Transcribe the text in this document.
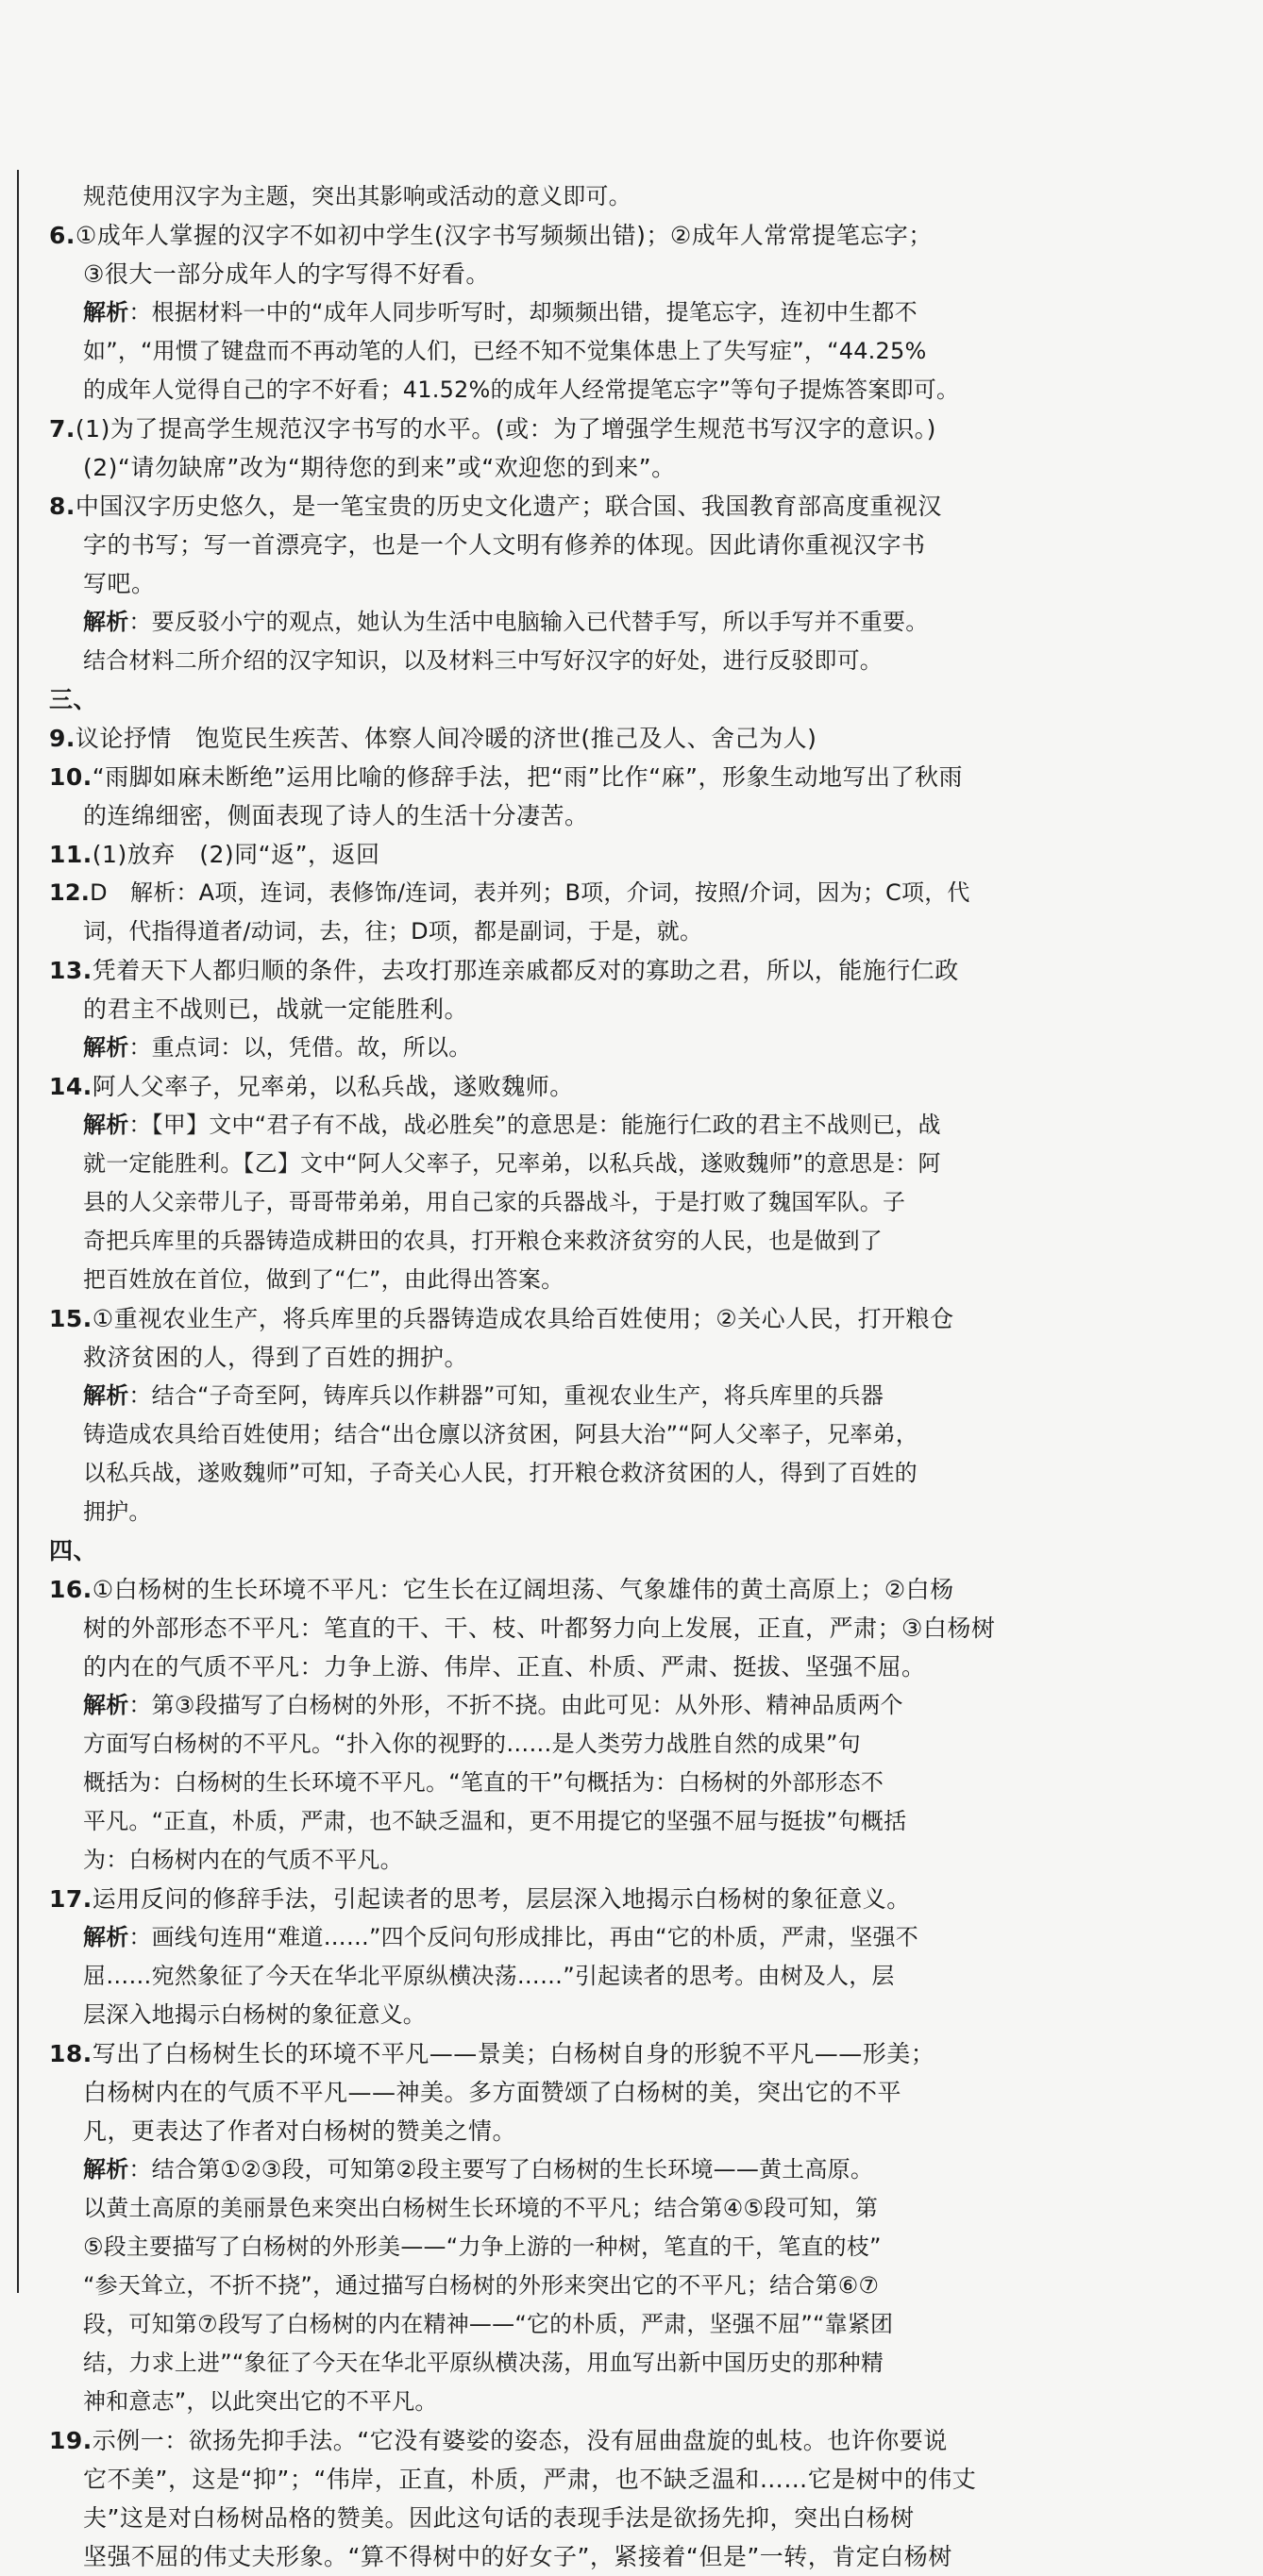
规范使用汉字为主题，突出其影响或活动的意义即可。
6.①成年人掌握的汉字不如初中学生(汉字书写频频出错)；②成年人常常提笔忘字；
③很大一部分成年人的字写得不好看。
解析：根据材料一中的“成年人同步听写时，却频频出错，提笔忘字，连初中生都不
如”，“用惯了键盘而不再动笔的人们，已经不知不觉集体患上了失写症”，“44.25%
的成年人觉得自己的字不好看；41.52%的成年人经常提笔忘字”等句子提炼答案即可。
7.(1)为了提高学生规范汉字书写的水平。(或：为了增强学生规范书写汉字的意识。)
(2)“请勿缺席”改为“期待您的到来”或“欢迎您的到来”。
8.中国汉字历史悠久，是一笔宝贵的历史文化遗产；联合国、我国教育部高度重视汉
字的书写；写一首漂亮字，也是一个人文明有修养的体现。因此请你重视汉字书
写吧。
解析：要反驳小宁的观点，她认为生活中电脑输入已代替手写，所以手写并不重要。
结合材料二所介绍的汉字知识，以及材料三中写好汉字的好处，进行反驳即可。
三、
9.议论抒情　饱览民生疾苦、体察人间冷暖的济世(推己及人、舍己为人)
10.“雨脚如麻未断绝”运用比喻的修辞手法，把“雨”比作“麻”，形象生动地写出了秋雨
的连绵细密，侧面表现了诗人的生活十分凄苦。
11.(1)放弃　(2)同“返”，返回
12.D　解析：A项，连词，表修饰/连词，表并列；B项，介词，按照/介词，因为；C项，代
词，代指得道者/动词，去，往；D项，都是副词，于是，就。
13.凭着天下人都归顺的条件，去攻打那连亲戚都反对的寡助之君，所以，能施行仁政
的君主不战则已，战就一定能胜利。
解析：重点词：以，凭借。故，所以。
14.阿人父率子，兄率弟，以私兵战，遂败魏师。
解析：【甲】文中“君子有不战，战必胜矣”的意思是：能施行仁政的君主不战则已，战
就一定能胜利。【乙】文中“阿人父率子，兄率弟，以私兵战，遂败魏师”的意思是：阿
县的人父亲带儿子，哥哥带弟弟，用自己家的兵器战斗，于是打败了魏国军队。子
奇把兵库里的兵器铸造成耕田的农具，打开粮仓来救济贫穷的人民，也是做到了
把百姓放在首位，做到了“仁”，由此得出答案。
15.①重视农业生产，将兵库里的兵器铸造成农具给百姓使用；②关心人民，打开粮仓
救济贫困的人，得到了百姓的拥护。
解析：结合“子奇至阿，铸库兵以作耕器”可知，重视农业生产，将兵库里的兵器
铸造成农具给百姓使用；结合“出仓廪以济贫困，阿县大治”“阿人父率子，兄率弟，
以私兵战，遂败魏师”可知，子奇关心人民，打开粮仓救济贫困的人，得到了百姓的
拥护。
四、
16.①白杨树的生长环境不平凡：它生长在辽阔坦荡、气象雄伟的黄土高原上；②白杨
树的外部形态不平凡：笔直的干、干、枝、叶都努力向上发展，正直，严肃；③白杨树
的内在的气质不平凡：力争上游、伟岸、正直、朴质、严肃、挺拔、坚强不屈。
解析：第③段描写了白杨树的外形，不折不挠。由此可见：从外形、精神品质两个
方面写白杨树的不平凡。“扑入你的视野的……是人类劳力战胜自然的成果”句
概括为：白杨树的生长环境不平凡。“笔直的干”句概括为：白杨树的外部形态不
平凡。“正直，朴质，严肃，也不缺乏温和，更不用提它的坚强不屈与挺拔”句概括
为：白杨树内在的气质不平凡。
17.运用反问的修辞手法，引起读者的思考，层层深入地揭示白杨树的象征意义。
解析：画线句连用“难道……”四个反问句形成排比，再由“它的朴质，严肃，坚强不
屈……宛然象征了今天在华北平原纵横决荡……”引起读者的思考。由树及人，层
层深入地揭示白杨树的象征意义。
18.写出了白杨树生长的环境不平凡——景美；白杨树自身的形貌不平凡——形美；
白杨树内在的气质不平凡——神美。多方面赞颂了白杨树的美，突出它的不平
凡，更表达了作者对白杨树的赞美之情。
解析：结合第①②③段，可知第②段主要写了白杨树的生长环境——黄土高原。
以黄土高原的美丽景色来突出白杨树生长环境的不平凡；结合第④⑤段可知，第
⑤段主要描写了白杨树的外形美——“力争上游的一种树，笔直的干，笔直的枝”
“参天耸立，不折不挠”，通过描写白杨树的外形来突出它的不平凡；结合第⑥⑦
段，可知第⑦段写了白杨树的内在精神——“它的朴质，严肃，坚强不屈”“靠紧团
结，力求上进”“象征了今天在华北平原纵横决荡，用血写出新中国历史的那种精
神和意志”，以此突出它的不平凡。
19.示例一：欲扬先抑手法。“它没有婆娑的姿态，没有屈曲盘旋的虬枝。也许你要说
它不美”，这是“抑”；“伟岸，正直，朴质，严肃，也不缺乏温和……它是树中的伟丈
夫”这是对白杨树品格的赞美。因此这句话的表现手法是欲扬先抑，突出白杨树
坚强不屈的伟丈夫形象。“算不得树中的好女子”，紧接着“但是”一转，肯定白杨树
